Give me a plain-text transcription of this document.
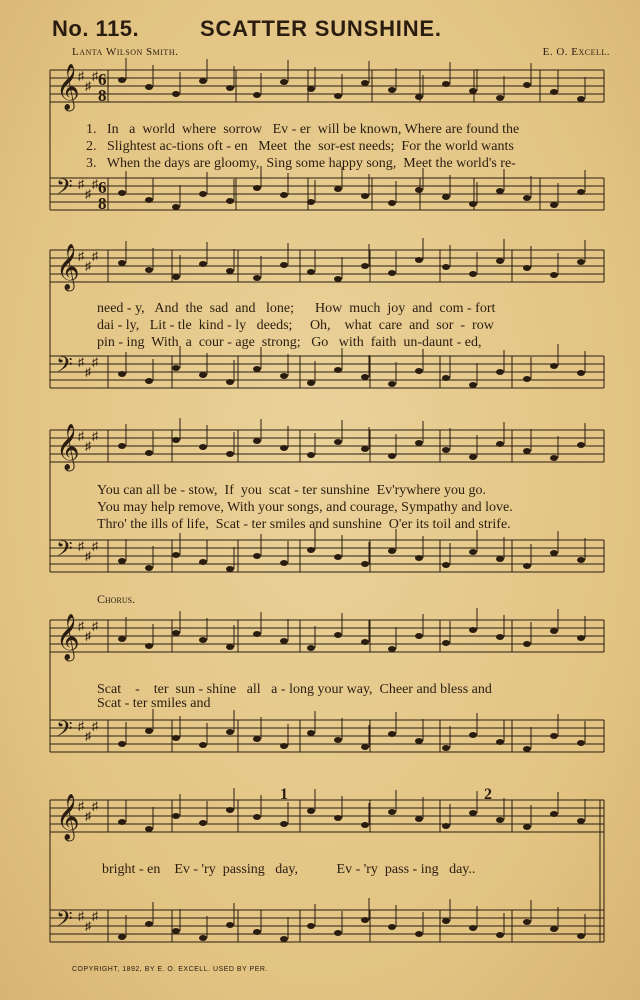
𝄞
♯
♯
♯
𝄢 ♯
♯
♯
𝄞
♯
♯
♯
𝄢 ♯
♯
♯
𝄞
♯
♯
♯
𝄢 ♯
♯
♯
𝄞
♯
♯
♯
𝄢 ♯
♯
♯
𝄞
♯
♯
♯
𝄢 ♯
♯
♯
6
8
6
8
No. 115.	SCATTER SUNSHINE.
Lanta Wilson Smith.	E. O. Excell.
1.   In   a  world  where  sorrow   Ev - er  will be known, Where are found the
2.   Slightest ac-tions oft - en   Meet  the  sor-est needs;  For the world wants
3.   When the days are gloomy,  Sing some happy song,  Meet the world's re-
need - y,   And  the  sad  and   lone;      How  much  joy  and  com - fort
dai - ly,   Lit - tle  kind - ly   deeds;     Oh,    what  care  and  sor  -  row
pin - ing  With  a  cour - age  strong;   Go   with  faith  un-daunt - ed,
You can all be - stow,  If  you  scat - ter sunshine  Ev'rywhere you go.
You may help remove, With your songs, and courage, Sympathy and love.
Thro' the ills of life,  Scat - ter smiles and sunshine  O'er its toil and strife.
Chorus.
Scat    -    ter  sun - shine   all   a - long your way,  Cheer and bless and
Scat - ter smiles and
1	2
bright - en    Ev - 'ry  passing   day,           Ev - 'ry  pass - ing   day..
COPYRIGHT, 1892, BY E. O. EXCELL. USED BY PER.
